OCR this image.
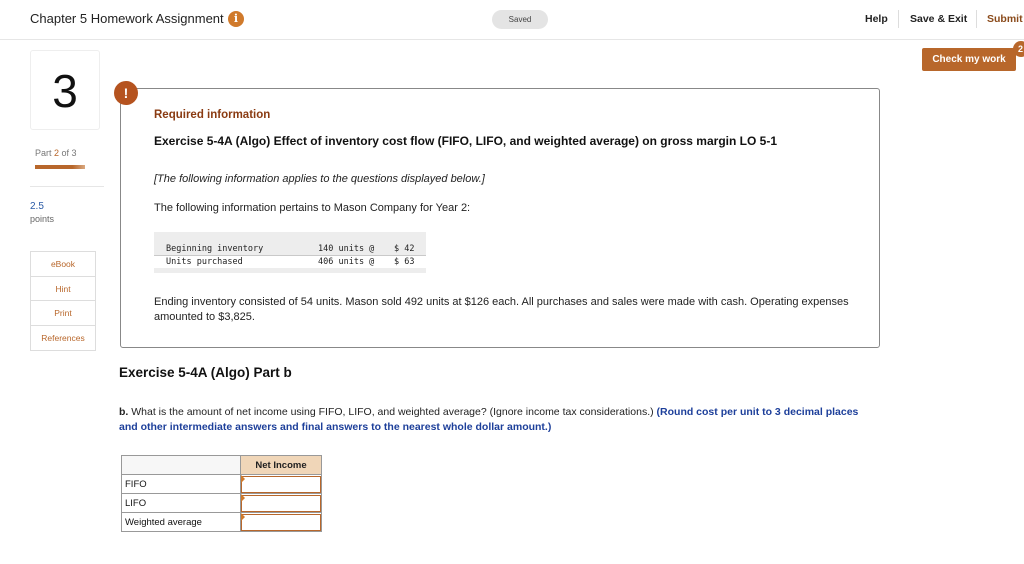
Chapter 5 Homework Assignment i	Saved	Help Save & Exit Submit
Check my work
2
3
Part 2 of 3
2.5
points
eBook
Hint
Print
References
!
Required information
Exercise 5-4A (Algo) Effect of inventory cost flow (FIFO, LIFO, and weighted average) on gross margin LO 5-1
[The following information applies to the questions displayed below.]
The following information pertains to Mason Company for Year 2:
Beginning inventory	140 units @ $ 42
Units purchased	406 units @ $ 63
Ending inventory consisted of 54 units. Mason sold 492 units at $126 each. All purchases and sales were made with cash. Operating expenses amounted to $3,825.
Exercise 5-4A (Algo) Part b
b. What is the amount of net income using FIFO, LIFO, and weighted average? (Ignore income tax considerations.) (Round cost per unit to 3 decimal places and other intermediate answers and final answers to the nearest whole dollar amount.)
	Net Income
FIFO	

LIFO	

Weighted average	
